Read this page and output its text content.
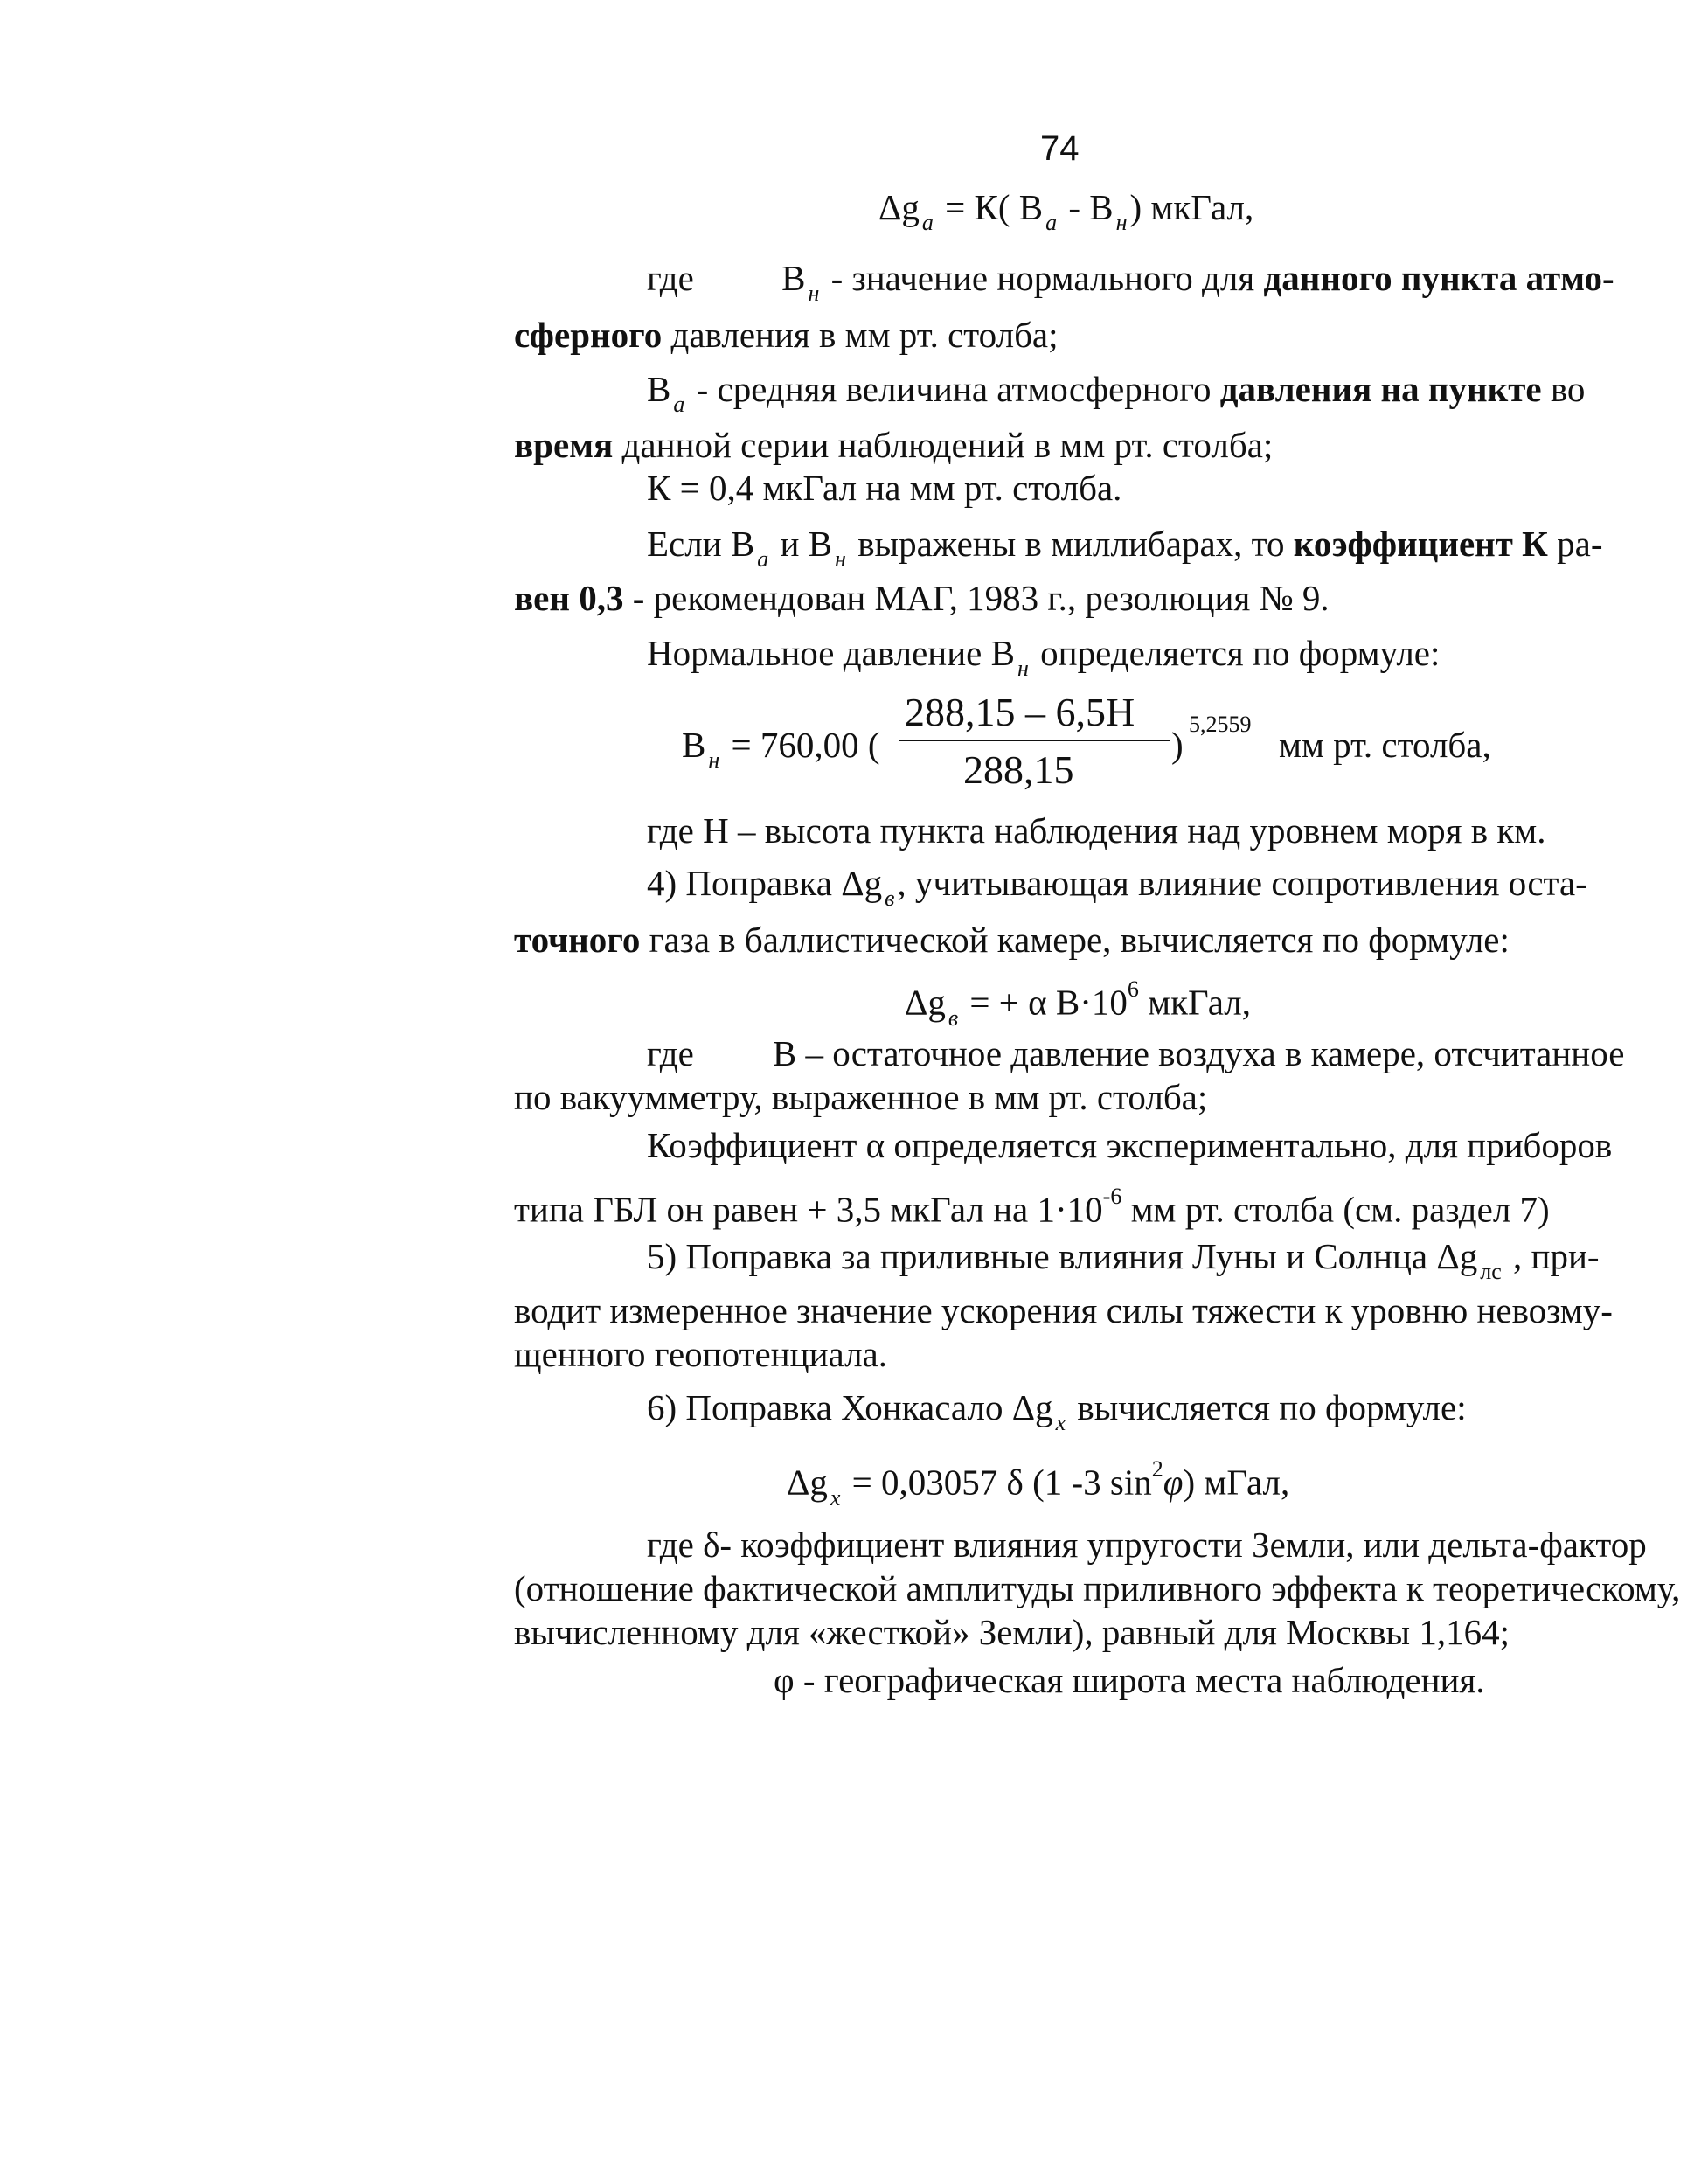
74
Δg $_a$ = К( В $_a$ - В $_н$) мкГал,
где В $_н$ - значение нормального для данного пункта атмо-
сферного давления в мм рт. столба;
В $_а$ - средняя величина атмосферного давления на пункте во
время данной серии наблюдений в мм рт. столба;
К = 0,4 мкГал на мм рт. столба.
Если В $_а$ и В $_н$ выражены в миллибарах, то коэффициент К ра-
вен 0,3 - рекомендован МАГ, 1983 г., резолюция № 9.
Нормальное давление В $_н$ определяется по формуле:
В $_н$ = 760,00 (
288,15 – 6,5H
288,15
)
5,2559
мм рт. столба,
где Н – высота пункта наблюдения над уровнем моря в км.
4) Поправка Δg $_в$, учитывающая влияние сопротивления оста-
точного газа в баллистической камере, вычисляется по формуле:
Δg $_в$ = + α $В\cdot 10^6$ мкГал,
где В – остаточное давление воздуха в камере, отсчитанное
по вакуумметру, выраженное в мм рт. столба;
Коэффициент α определяется экспериментально, для приборов
типа ГБЛ он равен + 3,5 мкГал на $1\cdot 10^{-6}$ мм рт. столба (см. раздел 7)
5) Поправка за приливные влияния Луны и Солнца Δg $_{лс}$ , при-
водит измеренное значение ускорения силы тяжести к уровню невозму-
щенного геопотенциала.
6) Поправка Хонкасало Δg $_х$ вычисляется по формуле:
Δg $_х$ = 0,03057 δ (1 -3 $\sin^2\varphi$) мГал,
где δ- коэффициент влияния упругости Земли, или дельта-фактор
(отношение фактической амплитуды приливного эффекта к теоретическому,
вычисленному для «жесткой» Земли), равный для Москвы 1,164;
φ - географическая широта места наблюдения.
